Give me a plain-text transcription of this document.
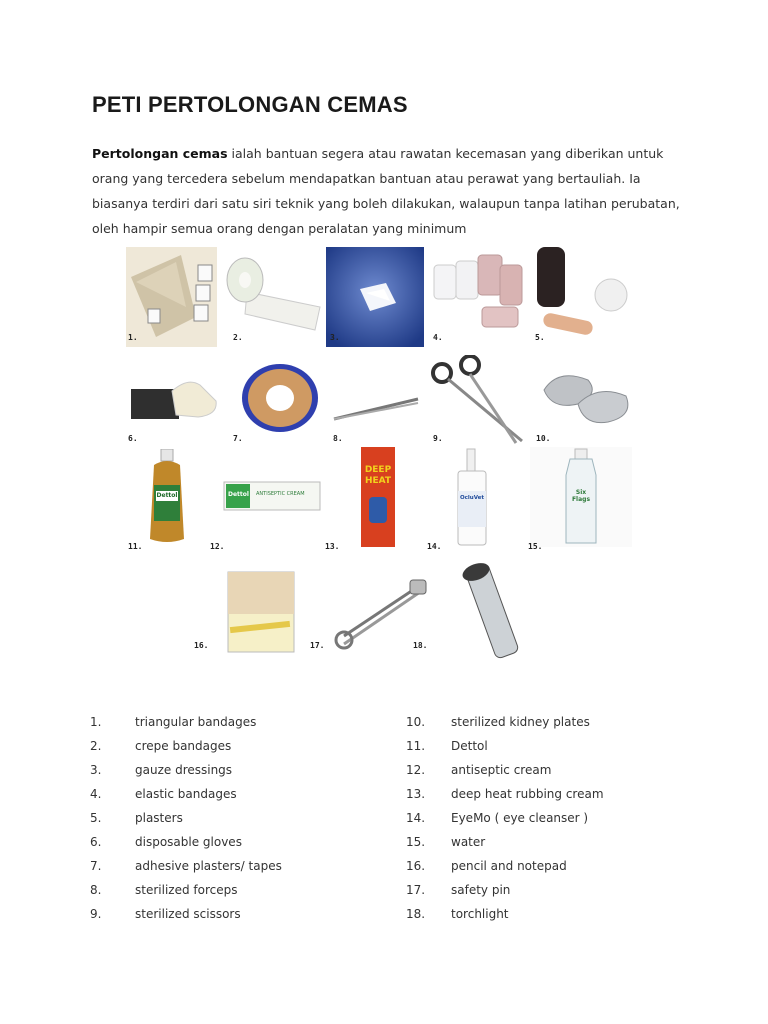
PETI PERTOLONGAN CEMAS

Pertolongan cemas ialah bantuan segera atau rawatan kecemasan yang diberikan untuk orang yang tercedera sebelum mendapatkan bantuan atau perawat yang bertauliah. Ia biasanya terdiri dari satu siri teknik yang boleh dilakukan, walaupun tanpa latihan perubatan, oleh hampir semua orang dengan peralatan yang minimum

1.	2.	3.	4.	5.
6.	7.	8.	9.	10.
Dettol	Dettol ANTISEPTIC CREAM
DEEP
HEAT
OcluVet
Six Flags
11.	12.	13.	14.	15.
16.	17.	18.
1.	triangular bandages
2.	crepe bandages
3.	gauze dressings
4.	elastic bandages
5.	plasters
6.	disposable gloves
7.	adhesive plasters/ tapes
8.	sterilized forceps
9.	sterilized scissors
10. sterilized kidney plates
11. Dettol
12. antiseptic cream
13. deep heat rubbing cream
14. EyeMo ( eye cleanser )
15. water
16. pencil and notepad
17. safety pin
18. torchlight
